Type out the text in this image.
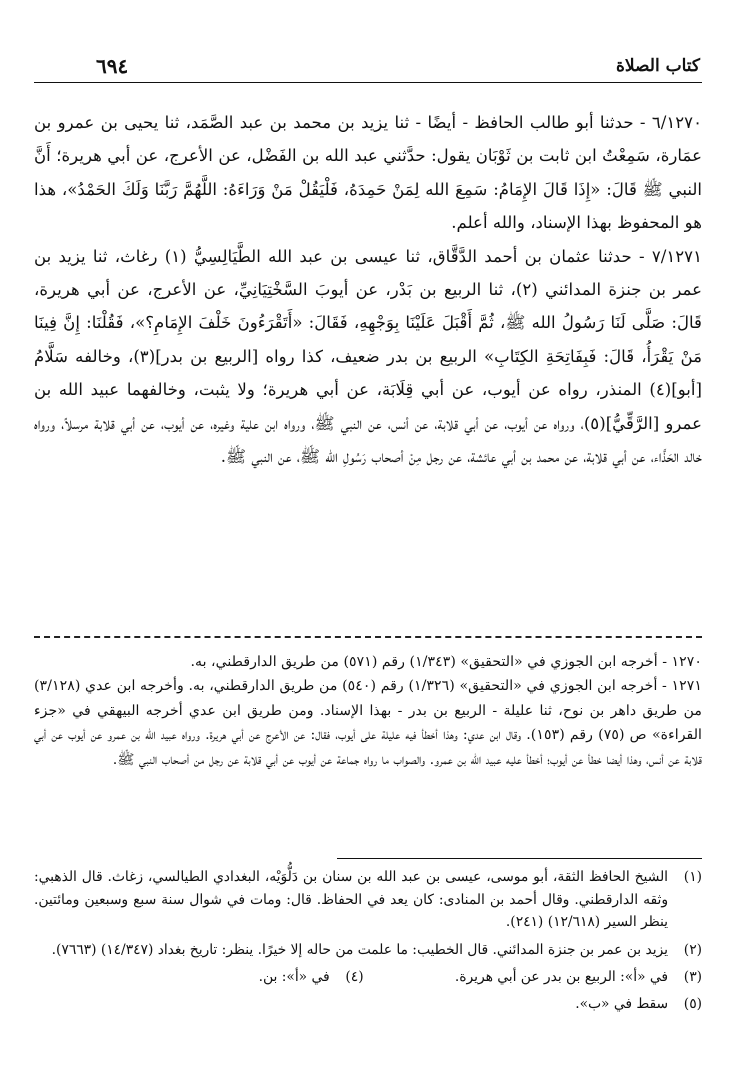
كتاب الصلاة
٦٩٤

٦/١٢٧٠ - حدثنا أبو طالب الحافظ - أيضًا - ثنا يزيد بن محمد بن عبد الصَّمَد، ثنا يحيى بن عمرو بن عمَارة، سَمِعْتُ ابن ثابت بن ثَوْبَان يقول: حدَّثني عبد الله بن الفَضْل، عن الأعرج، عن أبي هريرة؛ أَنَّ النبي ﷺ قَالَ: «إِذَا قَالَ الإِمَامُ: سَمِعَ الله لِمَنْ حَمِدَهُ، فَلْيَقُلْ مَنْ وَرَاءَهُ: اللَّهُمَّ رَبَّنَا وَلَكَ الحَمْدُ»، هذا هو المحفوظ بهذا الإسناد، والله أعلم.

٧/١٢٧١ - حدثنا عثمان بن أحمد الدَّقَّاق، ثنا عيسى بن عبد الله الطَّيَالِسِيُّ (١) رغاث، ثنا يزيد بن عمر بن جنزة المدائني (٢)، ثنا الربيع بن بَدْر، عن أيوبَ السَّخْتِيَانِيِّ، عن الأعرج، عن أبي هريرة، قَالَ: صَلَّى لَنَا رَسُولُ الله ﷺ، ثُمَّ أَقْبَلَ عَلَيْنَا بِوَجْهِهِ، فَقَالَ: «أَتَقْرَءُونَ خَلْفَ الإِمَامِ؟»، فَقُلْنَا: إِنَّ فِينَا مَنْ يَقْرَأُ، قَالَ: فَبِفَاتِحَةِ الكِتَابِ» الربيع بن بدر ضعيف، كذا رواه [الربيع بن بدر](٣)، وخالفه سَلَّامُ [أبو](٤) المنذر، رواه عن أيوب، عن أبي قِلَابَة، عن أبي هريرة؛ ولا يثبت، وخالفهما عبيد الله بن عمرو [الرَّقِّيُّ](٥)، ورواه عن أيوب، عن أبي قلابة، عن أنس، عن النبي ﷺ، ورواه ابن علية وغيره، عن أيوب، عن أبي قلابة مرسلاً، ورواه خالد الحَذَّاء، عن أبي قلابة، عن محمد بن أبي عائشة، عن رجل مِنْ أصحاب رَسُولِ الله ﷺ، عن النبي ﷺ.

١٢٧٠ - أخرجه ابن الجوزي في «التحقيق» (١/٣٤٣) رقم (٥٧١) من طريق الدارقطني، به.

١٢٧١ - أخرجه ابن الجوزي في «التحقيق» (١/٣٢٦) رقم (٥٤٠) من طريق الدارقطني، به. وأخرجه ابن عدي (٣/١٢٨) من طريق داهر بن نوح، ثنا عليلة - الربيع بن بدر - بهذا الإسناد. ومن طريق ابن عدي أخرجه البيهقي في «جزء القراءة» ص (٧٥) رقم (١٥٣). وقال ابن عدي: وهذا أخطأ فيه عليلة على أيوب، فقال: عن الأعرج عن أبي هريرة. ورواه عبيد الله بن عمرو عن أيوب عن أبي قلابة عن أنس، وهذا أيضا خطأ عن أيوب؛ أخطأ عليه عبيد الله بن عمرو. والصواب ما رواه جماعة عن أيوب عن أبي قلابة عن رجل من أصحاب النبي ﷺ.

(١)
الشيخ الحافظ الثقة، أبو موسى، عيسى بن عبد الله بن سنان بن دَلُّوَيْه، البغدادي الطيالسي، زغاث. قال الذهبي: وثقه الدارقطني. وقال أحمد بن المنادى: كان يعد في الحفاظ. قال: ومات في شوال سنة سبع وسبعين ومائتين. ينظر السير (١٢/٦١٨) (٢٤١).
(٢)
يزيد بن عمر بن جنزة المدائني. قال الخطيب: ما علمت من حاله إلا خيرًا. ينظر: تاريخ بغداد (١٤/٣٤٧) (٧٦٦٣).
(٣)
في «أ»: الربيع بن بدر عن أبي هريرة.
(٤)
في «أ»: بن.
(٥)
سقط في «ب».
